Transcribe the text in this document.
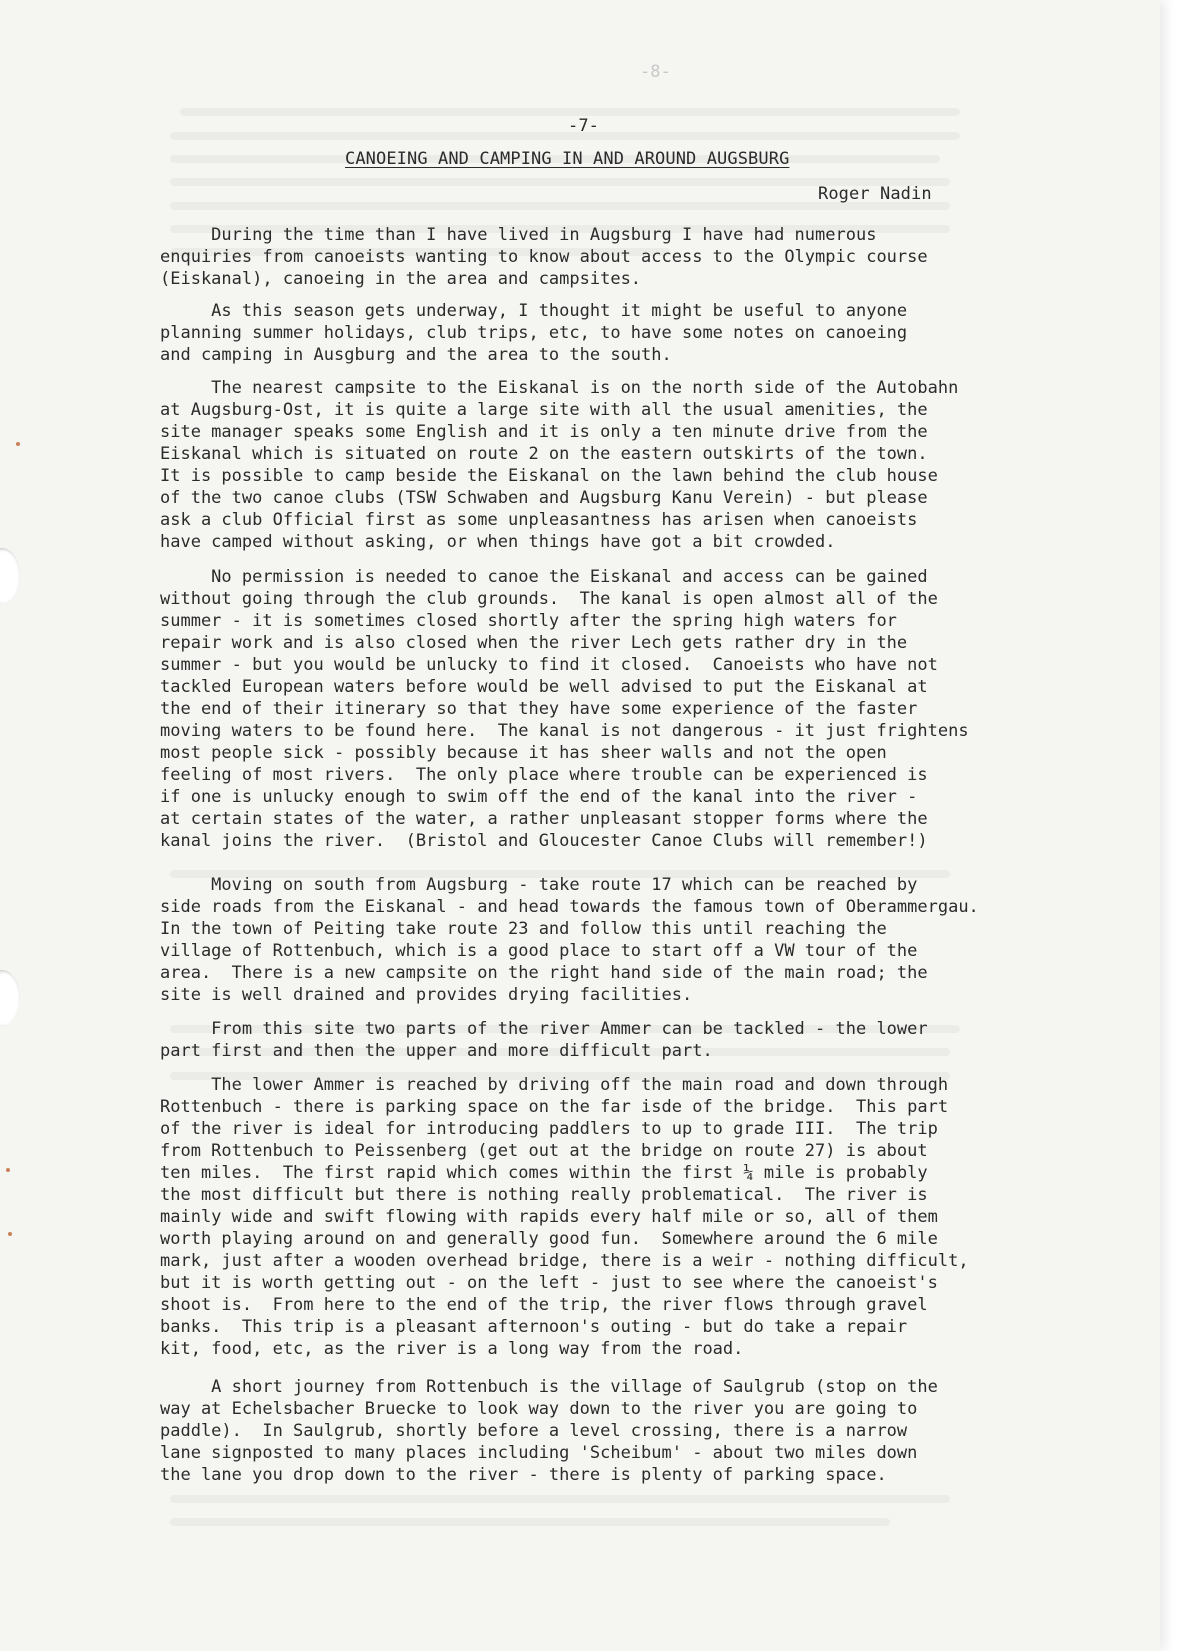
-8-
-7-
CANOEING AND CAMPING IN AND AROUND AUGSBURG
Roger Nadin
During the time than I have lived in Augsburg I have had numerous
enquiries from canoeists wanting to know about access to the Olympic course
(Eiskanal), canoeing in the area and campsites.
As this season gets underway, I thought it might be useful to anyone
planning summer holidays, club trips, etc, to have some notes on canoeing
and camping in Ausgburg and the area to the south.
The nearest campsite to the Eiskanal is on the north side of the Autobahn
at Augsburg-Ost, it is quite a large site with all the usual amenities, the
site manager speaks some English and it is only a ten minute drive from the
Eiskanal which is situated on route 2 on the eastern outskirts of the town.
It is possible to camp beside the Eiskanal on the lawn behind the club house
of the two canoe clubs (TSW Schwaben and Augsburg Kanu Verein) - but please
ask a club Official first as some unpleasantness has arisen when canoeists
have camped without asking, or when things have got a bit crowded.
No permission is needed to canoe the Eiskanal and access can be gained
without going through the club grounds.  The kanal is open almost all of the
summer - it is sometimes closed shortly after the spring high waters for
repair work and is also closed when the river Lech gets rather dry in the
summer - but you would be unlucky to find it closed.  Canoeists who have not
tackled European waters before would be well advised to put the Eiskanal at
the end of their itinerary so that they have some experience of the faster
moving waters to be found here.  The kanal is not dangerous - it just frightens
most people sick - possibly because it has sheer walls and not the open
feeling of most rivers.  The only place where trouble can be experienced is
if one is unlucky enough to swim off the end of the kanal into the river -
at certain states of the water, a rather unpleasant stopper forms where the
kanal joins the river.  (Bristol and Gloucester Canoe Clubs will remember!)
Moving on south from Augsburg - take route 17 which can be reached by
side roads from the Eiskanal - and head towards the famous town of Oberammergau.
In the town of Peiting take route 23 and follow this until reaching the
village of Rottenbuch, which is a good place to start off a VW tour of the
area.  There is a new campsite on the right hand side of the main road; the
site is well drained and provides drying facilities.
From this site two parts of the river Ammer can be tackled - the lower
part first and then the upper and more difficult part.
The lower Ammer is reached by driving off the main road and down through
Rottenbuch - there is parking space on the far isde of the bridge.  This part
of the river is ideal for introducing paddlers to up to grade III.  The trip
from Rottenbuch to Peissenberg (get out at the bridge on route 27) is about
ten miles.  The first rapid which comes within the first ¼ mile is probably
the most difficult but there is nothing really problematical.  The river is
mainly wide and swift flowing with rapids every half mile or so, all of them
worth playing around on and generally good fun.  Somewhere around the 6 mile
mark, just after a wooden overhead bridge, there is a weir - nothing difficult,
but it is worth getting out - on the left - just to see where the canoeist's
shoot is.  From here to the end of the trip, the river flows through gravel
banks.  This trip is a pleasant afternoon's outing - but do take a repair
kit, food, etc, as the river is a long way from the road.
A short journey from Rottenbuch is the village of Saulgrub (stop on the
way at Echelsbacher Bruecke to look way down to the river you are going to
paddle).  In Saulgrub, shortly before a level crossing, there is a narrow
lane signposted to many places including 'Scheibum' - about two miles down
the lane you drop down to the river - there is plenty of parking space.
